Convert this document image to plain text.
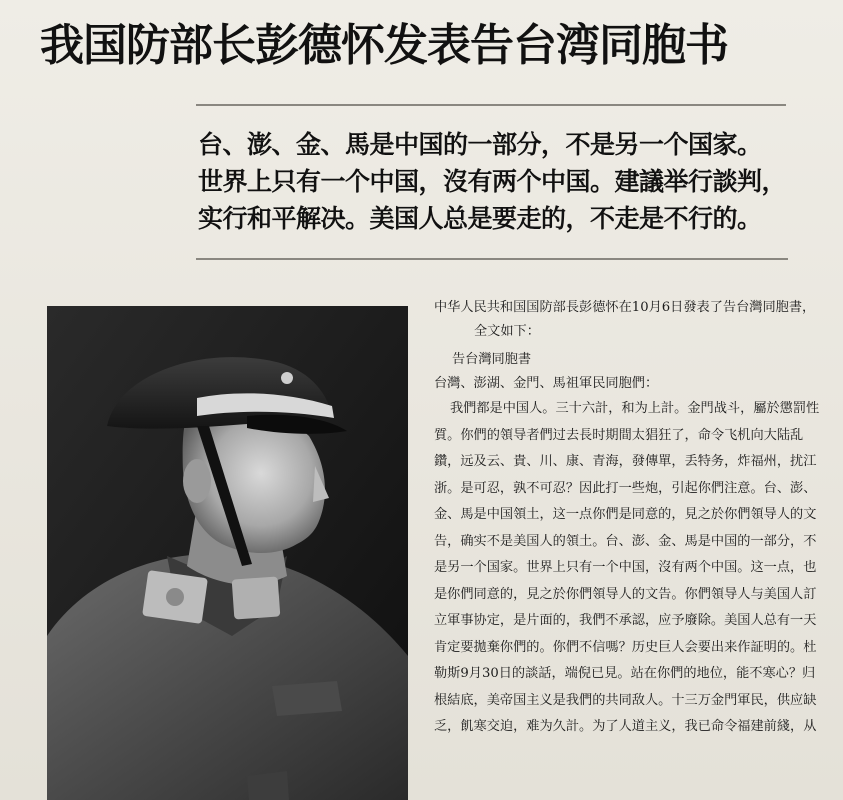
我国防部长彭德怀发表告台湾同胞书
台、澎、金、馬是中国的一部分，不是另一个国家。
世界上只有一个中国，沒有两个中国。建議举行談判，
实行和平解决。美国人总是要走的，不走是不行的。

中华人民共和国国防部長彭德怀在10月6日發表了告台灣同胞書，

全文如下：

告台灣同胞書

台灣、澎湖、金門、馬祖軍民同胞們：

我們都是中国人。三十六計，和为上計。金門战斗，屬於懲罰性

質。你們的領导者們过去長时期間太猖狂了，命令飞机向大陆乱

鑽，远及云、貴、川、康、青海，發傳單，丢特务，炸福州，扰江

浙。是可忍，孰不可忍？因此打一些炮，引起你們注意。台、澎、

金、馬是中国領土，这一点你們是同意的，見之於你們領导人的文

告，确实不是美国人的領土。台、澎、金、馬是中国的一部分，不

是另一个国家。世界上只有一个中国，沒有两个中国。这一点，也

是你們同意的，見之於你們領导人的文告。你們領导人与美国人訂

立軍事协定，是片面的，我們不承認，应予廢除。美国人总有一天

肯定要拋棄你們的。你們不信嗎？历史巨人会要出来作証明的。杜

勒斯9月30日的談話，端倪已見。站在你們的地位，能不寒心？归

根結底，美帝国主义是我們的共同敌人。十三万金門軍民，供应缺

乏，飢寒交迫，难为久計。为了人道主义，我已命令福建前綫，从
